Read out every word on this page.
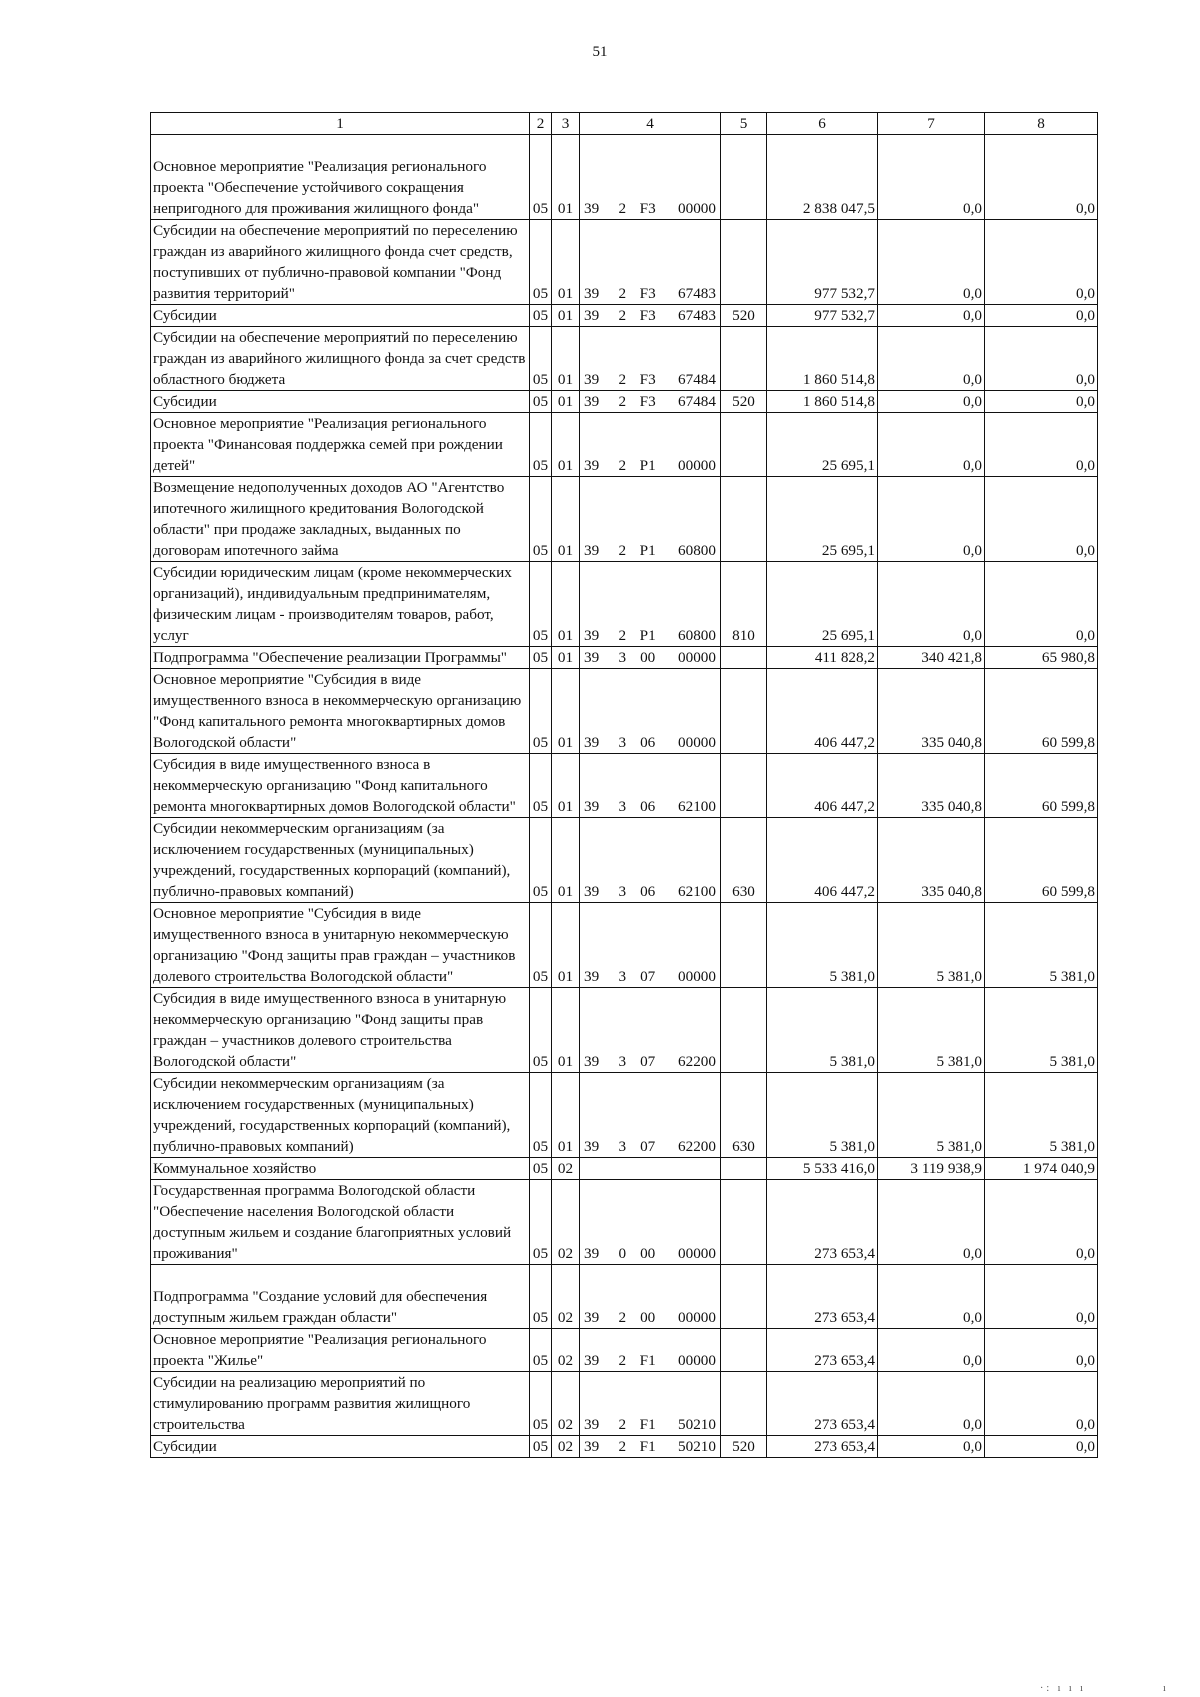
51
1	2	3	4	5	6	7	8
Основное мероприятие "Реализация регионального проекта "Обеспечение устойчивого сокращения непригодного для проживания жилищного фонда"	05	01	39 2 F3 00000		2 838 047,5	0,0	0,0
Субсидии на обеспечение мероприятий по переселению граждан из аварийного жилищного фонда счет средств, поступивших от публично-правовой компании "Фонд развития территорий"	05	01	39 2 F3 67483		977 532,7	0,0	0,0
Субсидии	05	01	39 2 F3 67483	520	977 532,7	0,0	0,0
Субсидии на обеспечение мероприятий по переселению граждан из аварийного жилищного фонда за счет средств областного бюджета	05	01	39 2 F3 67484		1 860 514,8	0,0	0,0
Субсидии	05	01	39 2 F3 67484	520	1 860 514,8	0,0	0,0
Основное мероприятие "Реализация регионального проекта "Финансовая поддержка семей при рождении детей"	05	01	39 2 P1 00000		25 695,1	0,0	0,0
Возмещение недополученных доходов АО "Агентство ипотечного жилищного кредитования Вологодской области" при продаже закладных, выданных по договорам ипотечного займа	05	01	39 2 P1 60800		25 695,1	0,0	0,0
Субсидии юридическим лицам (кроме некоммерческих организаций), индивидуальным предпринимателям, физическим лицам - производителям товаров, работ, услуг	05	01	39 2 P1 60800	810	25 695,1	0,0	0,0
Подпрограмма "Обеспечение реализации Программы"	05	01	39 3 00 00000		411 828,2	340 421,8	65 980,8
Основное мероприятие "Субсидия в виде имущественного взноса в некоммерческую организацию "Фонд капитального ремонта многоквартирных домов Вологодской области"	05	01	39 3 06 00000		406 447,2	335 040,8	60 599,8
Субсидия в виде имущественного взноса в некоммерческую организацию "Фонд капитального ремонта многоквартирных домов Вологодской области"	05	01	39 3 06 62100		406 447,2	335 040,8	60 599,8
Субсидии некоммерческим организациям (за исключением государственных (муниципальных) учреждений, государственных корпораций (компаний), публично-правовых компаний)	05	01	39 3 06 62100	630	406 447,2	335 040,8	60 599,8
Основное мероприятие "Субсидия в виде имущественного взноса в унитарную некоммерческую организацию "Фонд защиты прав граждан – участников долевого строительства Вологодской области"	05	01	39 3 07 00000		5 381,0	5 381,0	5 381,0
Субсидия в виде имущественного взноса в унитарную некоммерческую организацию "Фонд защиты прав граждан – участников долевого строительства Вологодской области"	05	01	39 3 07 62200		5 381,0	5 381,0	5 381,0
Субсидии некоммерческим организациям (за исключением государственных (муниципальных) учреждений, государственных корпораций (компаний), публично-правовых компаний)	05	01	39 3 07 62200	630	5 381,0	5 381,0	5 381,0
Коммунальное хозяйство	05	02			5 533 416,0	3 119 938,9	1 974 040,9
Государственная программа Вологодской области "Обеспечение населения Вологодской области доступным жильем и создание благоприятных условий проживания"	05	02	39 0 00 00000		273 653,4	0,0	0,0
Подпрограмма "Создание условий для обеспечения доступным жильем граждан области"	05	02	39 2 00 00000		273 653,4	0,0	0,0
Основное мероприятие "Реализация регионального проекта "Жилье"	05	02	39 2 F1 00000		273 653,4	0,0	0,0
Субсидии на реализацию мероприятий по стимулированию программ развития жилищного строительства	05	02	39 2 F1 50210		273 653,4	0,0	0,0
Субсидии	05	02	39 2 F1 50210	520	273 653,4	0,0	0,0
·: ı ı ı              ı
